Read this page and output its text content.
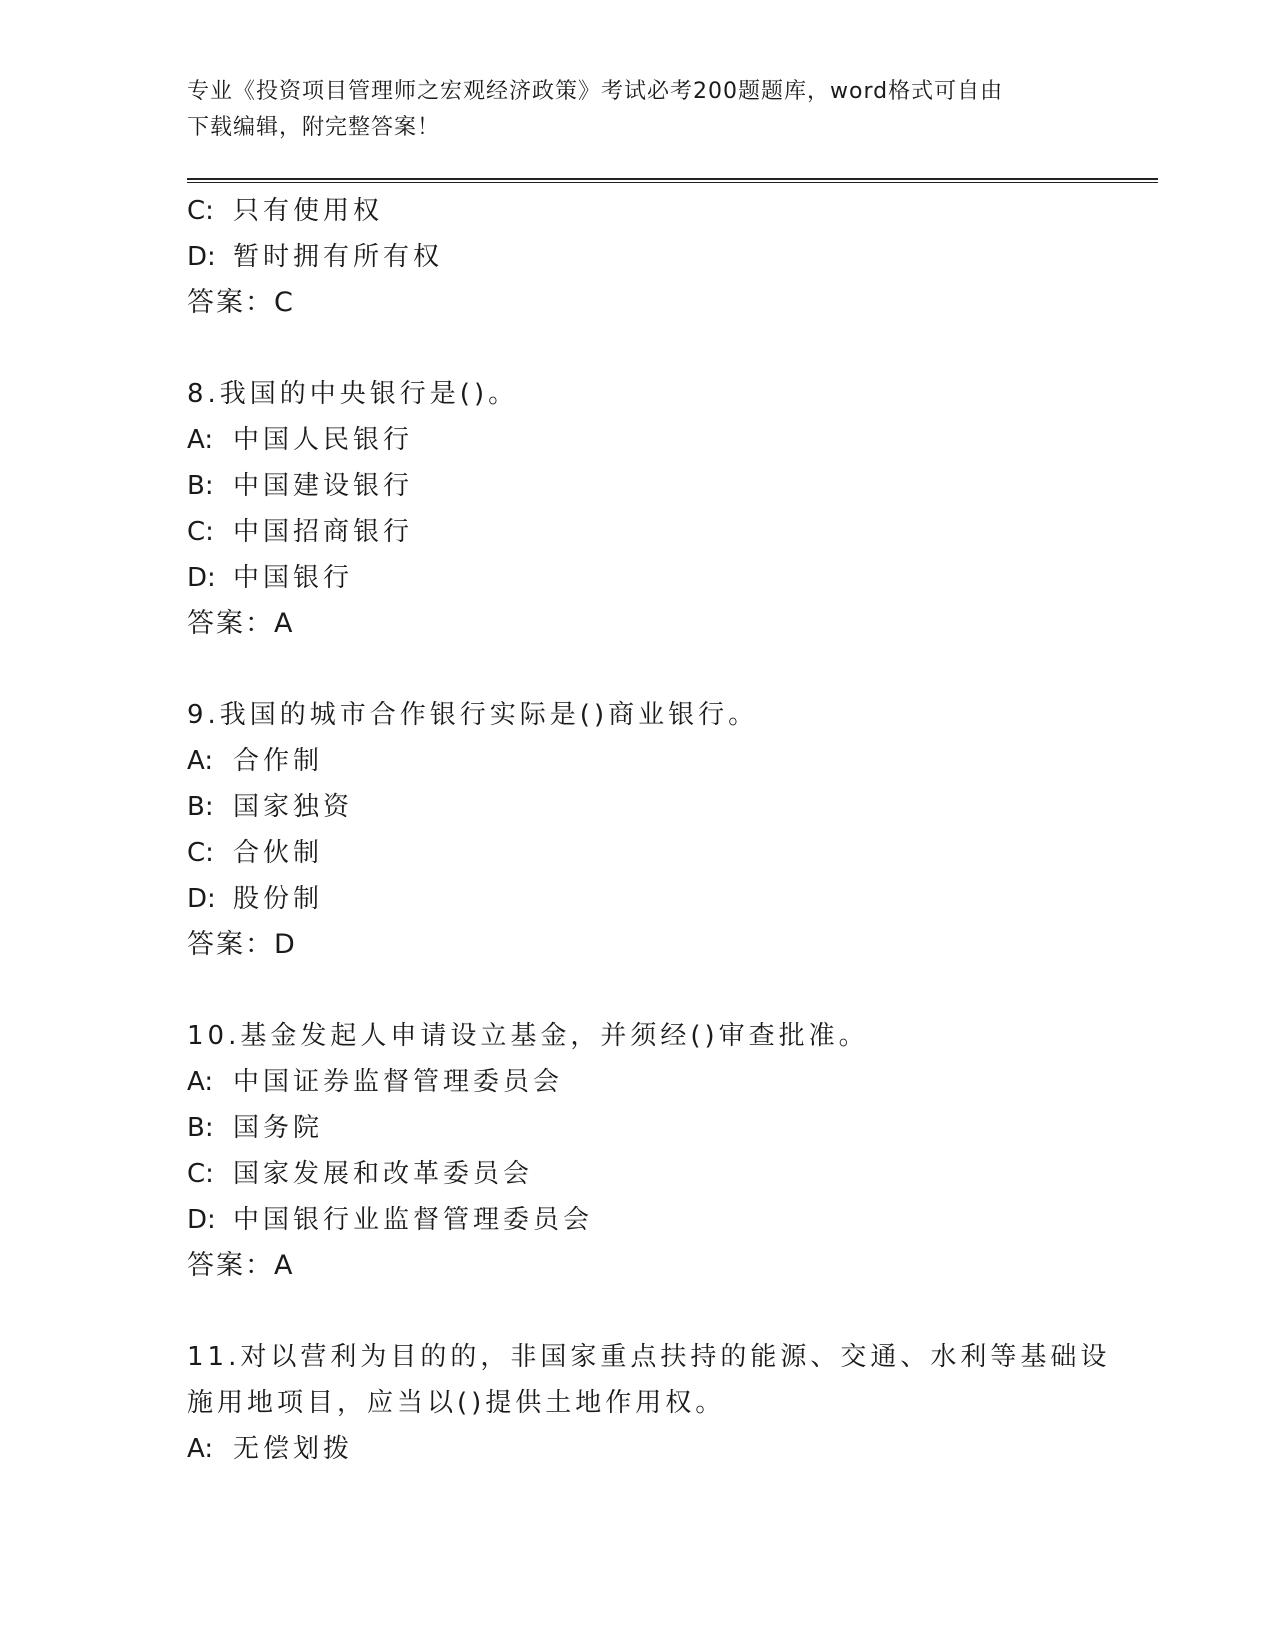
专业《投资项目管理师之宏观经济政策》考试必考200题题库，word格式可自由
下载编辑，附完整答案！
C: 只有使用权
D: 暂时拥有所有权
答案：C
8.我国的中央银行是()。
A: 中国人民银行
B: 中国建设银行
C: 中国招商银行
D: 中国银行
答案：A
9.我国的城市合作银行实际是()商业银行。
A: 合作制
B: 国家独资
C: 合伙制
D: 股份制
答案：D
10.基金发起人申请设立基金，并须经()审查批准。
A: 中国证券监督管理委员会
B: 国务院
C: 国家发展和改革委员会
D: 中国银行业监督管理委员会
答案：A
11.对以营利为目的的，非国家重点扶持的能源、交通、水利等基础设
施用地项目，应当以()提供土地作用权。
A: 无偿划拨
